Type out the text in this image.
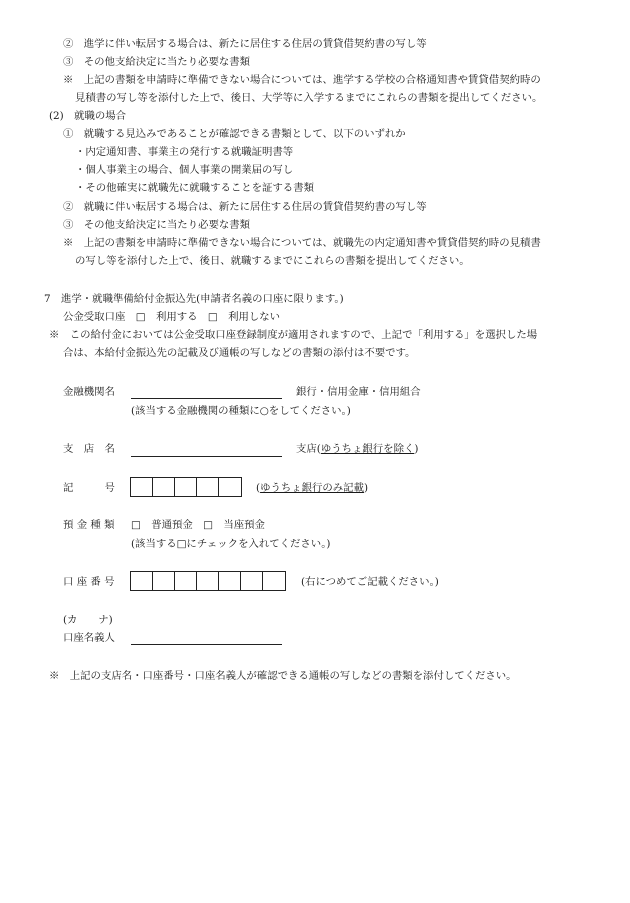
②　進学に伴い転居する場合は、新たに居住する住居の賃貸借契約書の写し等
③　その他支給決定に当たり必要な書類
※　上記の書類を申請時に準備できない場合については、進学する学校の合格通知書や賃貸借契約時の
見積書の写し等を添付した上で、後日、大学等に入学するまでにこれらの書類を提出してください。
(2)　就職の場合
①　就職する見込みであることが確認できる書類として、以下のいずれか
・内定通知書、事業主の発行する就職証明書等
・個人事業主の場合、個人事業の開業届の写し
・その他確実に就職先に就職することを証する書類
②　就職に伴い転居する場合は、新たに居住する住居の賃貸借契約書の写し等
③　その他支給決定に当たり必要な書類
※　上記の書類を申請時に準備できない場合については、就職先の内定通知書や賃貸借契約時の見積書
の写し等を添付した上で、後日、就職するまでにこれらの書類を提出してください。
7　進学・就職準備給付金振込先(申請者名義の口座に限ります。)
公金受取口座　□　利用する　□　利用しない
※　この給付金においては公金受取口座登録制度が適用されますので、上記で「利用する」を選択した場
合は、本給付金振込先の記載及び通帳の写しなどの書類の添付は不要です。
金融機関名	銀行・信用金庫・信用組合
(該当する金融機関の種類に○をしてください。)
支　店　名	支店(ゆうちょ銀行を除く)
記　　　号	(ゆうちょ銀行のみ記載)
預 金 種 類 □　普通預金　□　当座預金
(該当する□にチェックを入れてください。)
口 座 番 号	(右につめてご記載ください。)
(カ　　ナ)
口座名義人
※　上記の支店名・口座番号・口座名義人が確認できる通帳の写しなどの書類を添付してください。
